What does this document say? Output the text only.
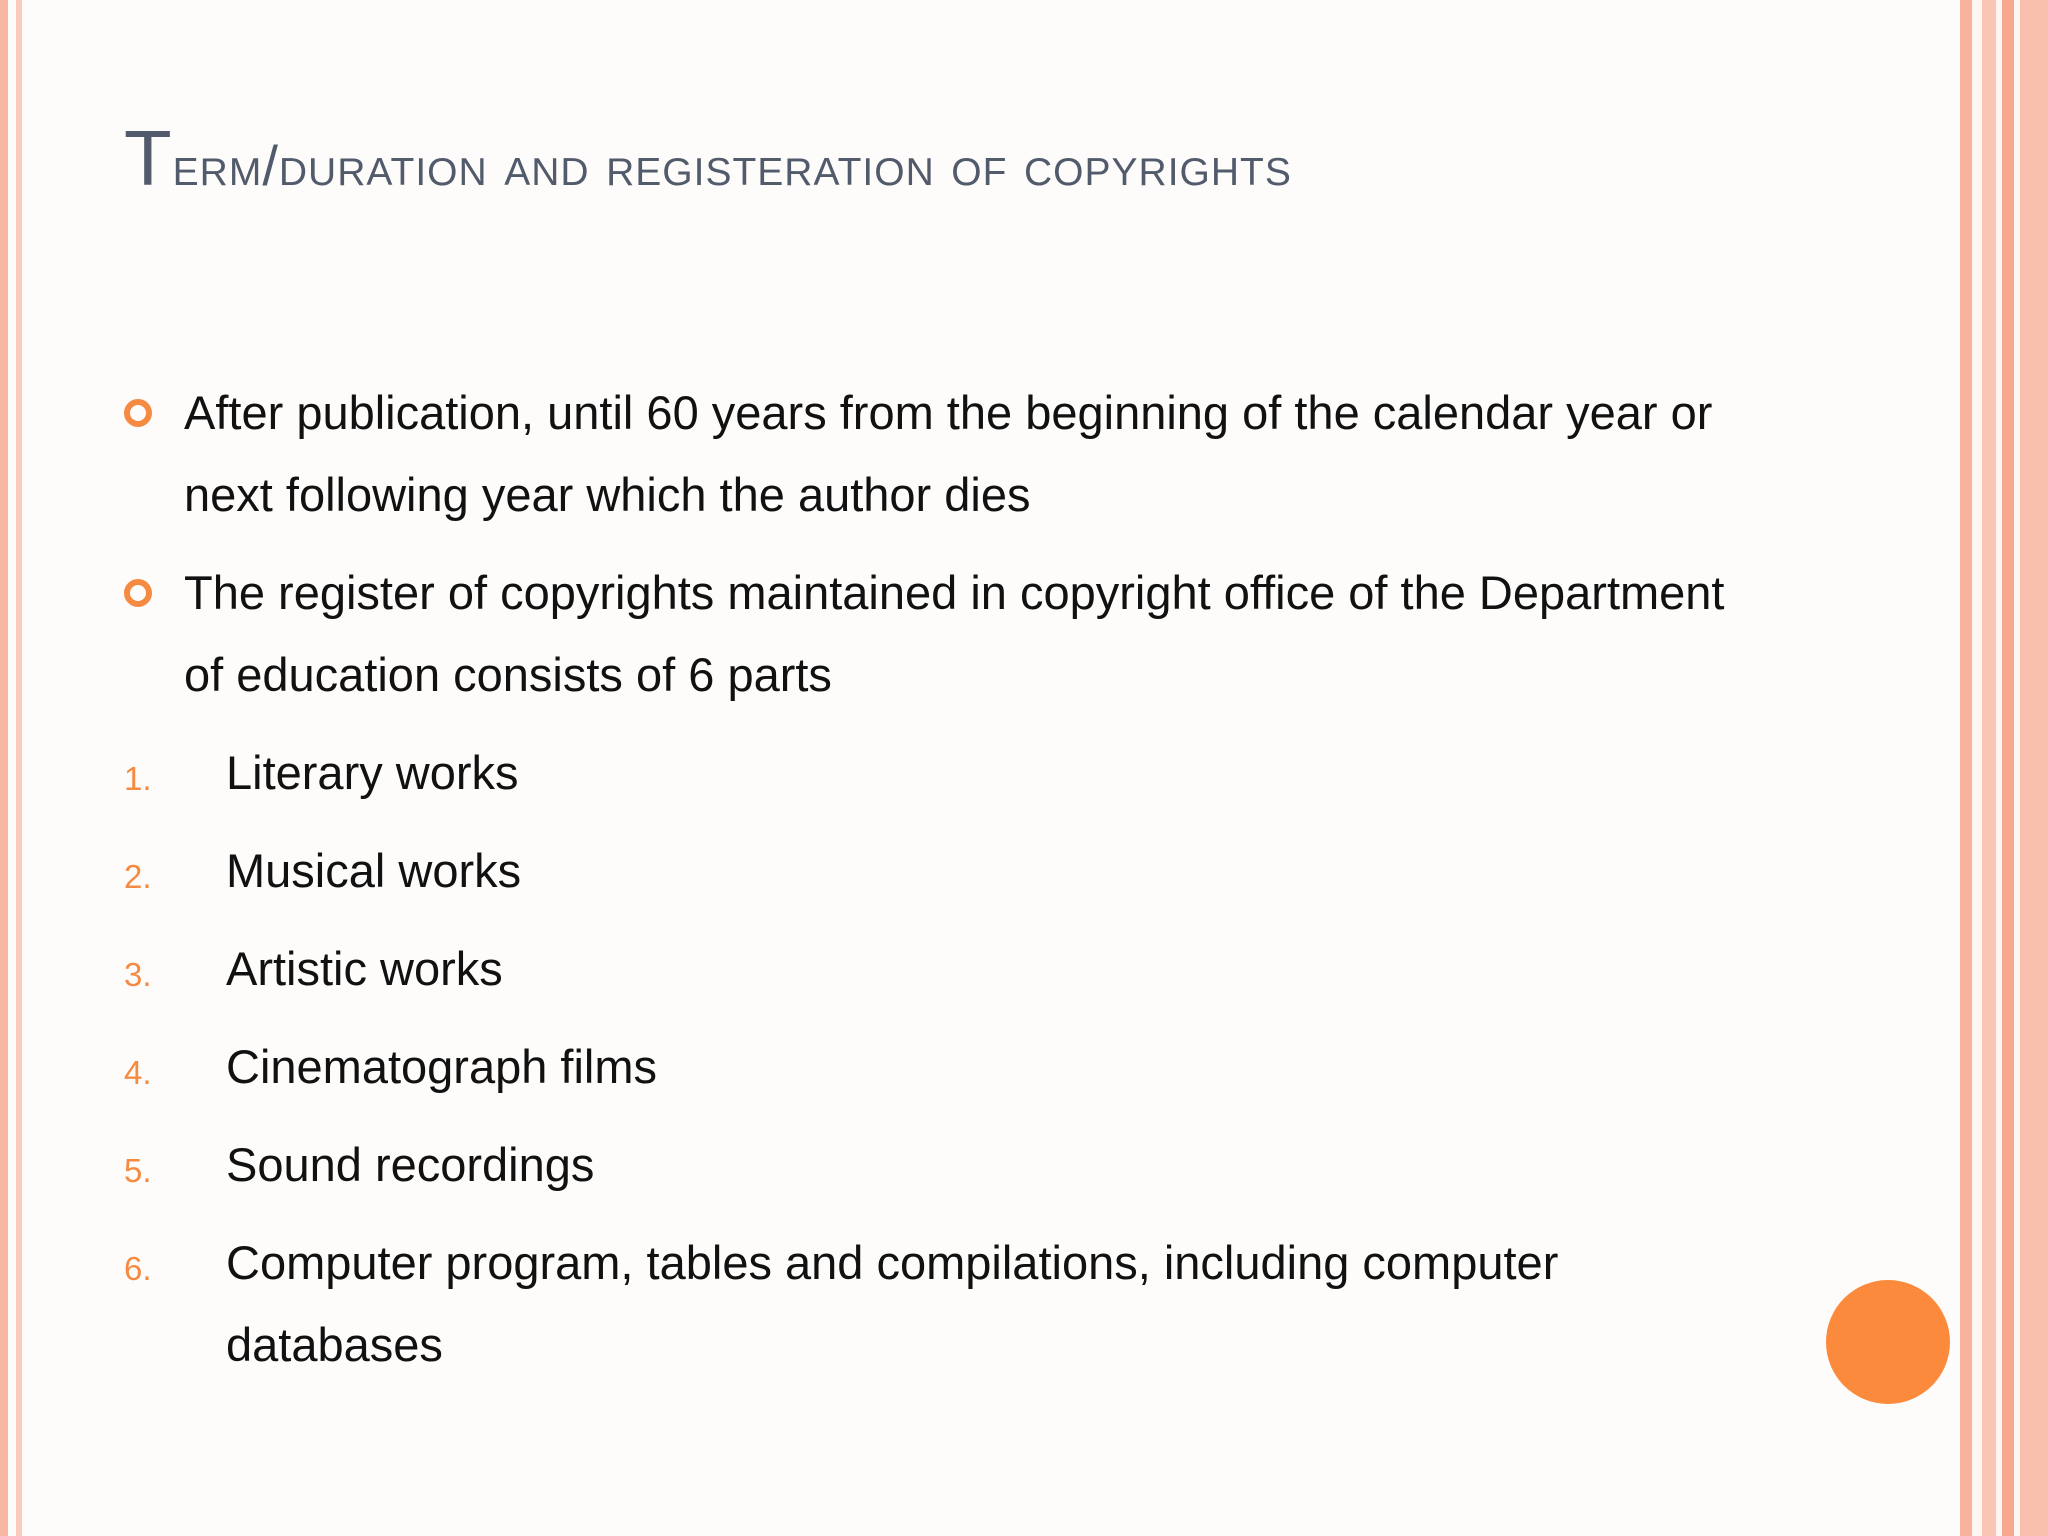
Term/duration and registeration of copyrights
After publication, until 60 years from the beginning of the calendar year or next following year which the author dies
The register of copyrights maintained in copyright office of the Department of education consists of 6 parts
1. Literary works
2. Musical works
3. Artistic works
4. Cinematograph films
5. Sound recordings
6. Computer program, tables and compilations, including computer databases
